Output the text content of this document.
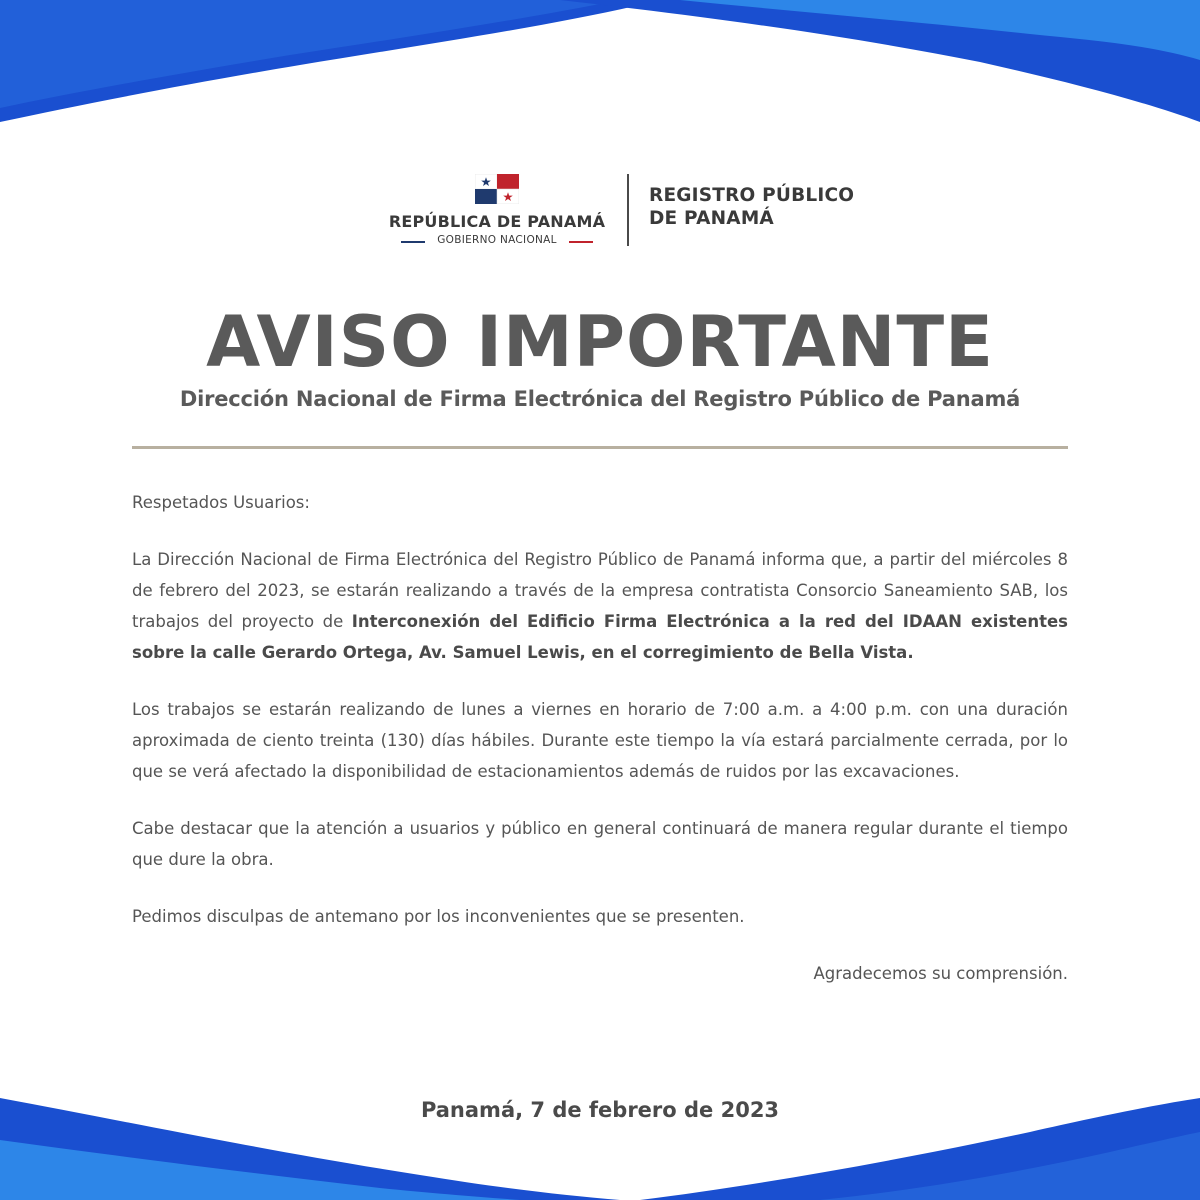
REPÚBLICA DE PANAMÁ
GOBIERNO NACIONAL
REGISTRO PÚBLICO
DE PANAMÁ
AVISO IMPORTANTE
Dirección Nacional de Firma Electrónica del Registro Público de Panamá

Respetados Usuarios:

La Dirección Nacional de Firma Electrónica del Registro Público de Panamá informa que, a partir del miércoles 8 de febrero del 2023, se estarán realizando a través de la empresa contratista Consorcio Saneamiento SAB, los trabajos del proyecto de Interconexión del Edificio Firma Electrónica a la red del IDAAN existentes sobre la calle Gerardo Ortega, Av. Samuel Lewis, en el corregimiento de Bella Vista.

Los trabajos se estarán realizando de lunes a viernes en horario de 7:00 a.m. a 4:00 p.m. con una duración aproximada de ciento treinta (130) días hábiles. Durante este tiempo la vía estará parcialmente cerrada, por lo que se verá afectado la disponibilidad de estacionamientos además de ruidos por las excavaciones.

Cabe destacar que la atención a usuarios y público en general continuará de manera regular durante el tiempo que dure la obra.

Pedimos disculpas de antemano por los inconvenientes que se presenten.

Agradecemos su comprensión.

Panamá, 7 de febrero de 2023
